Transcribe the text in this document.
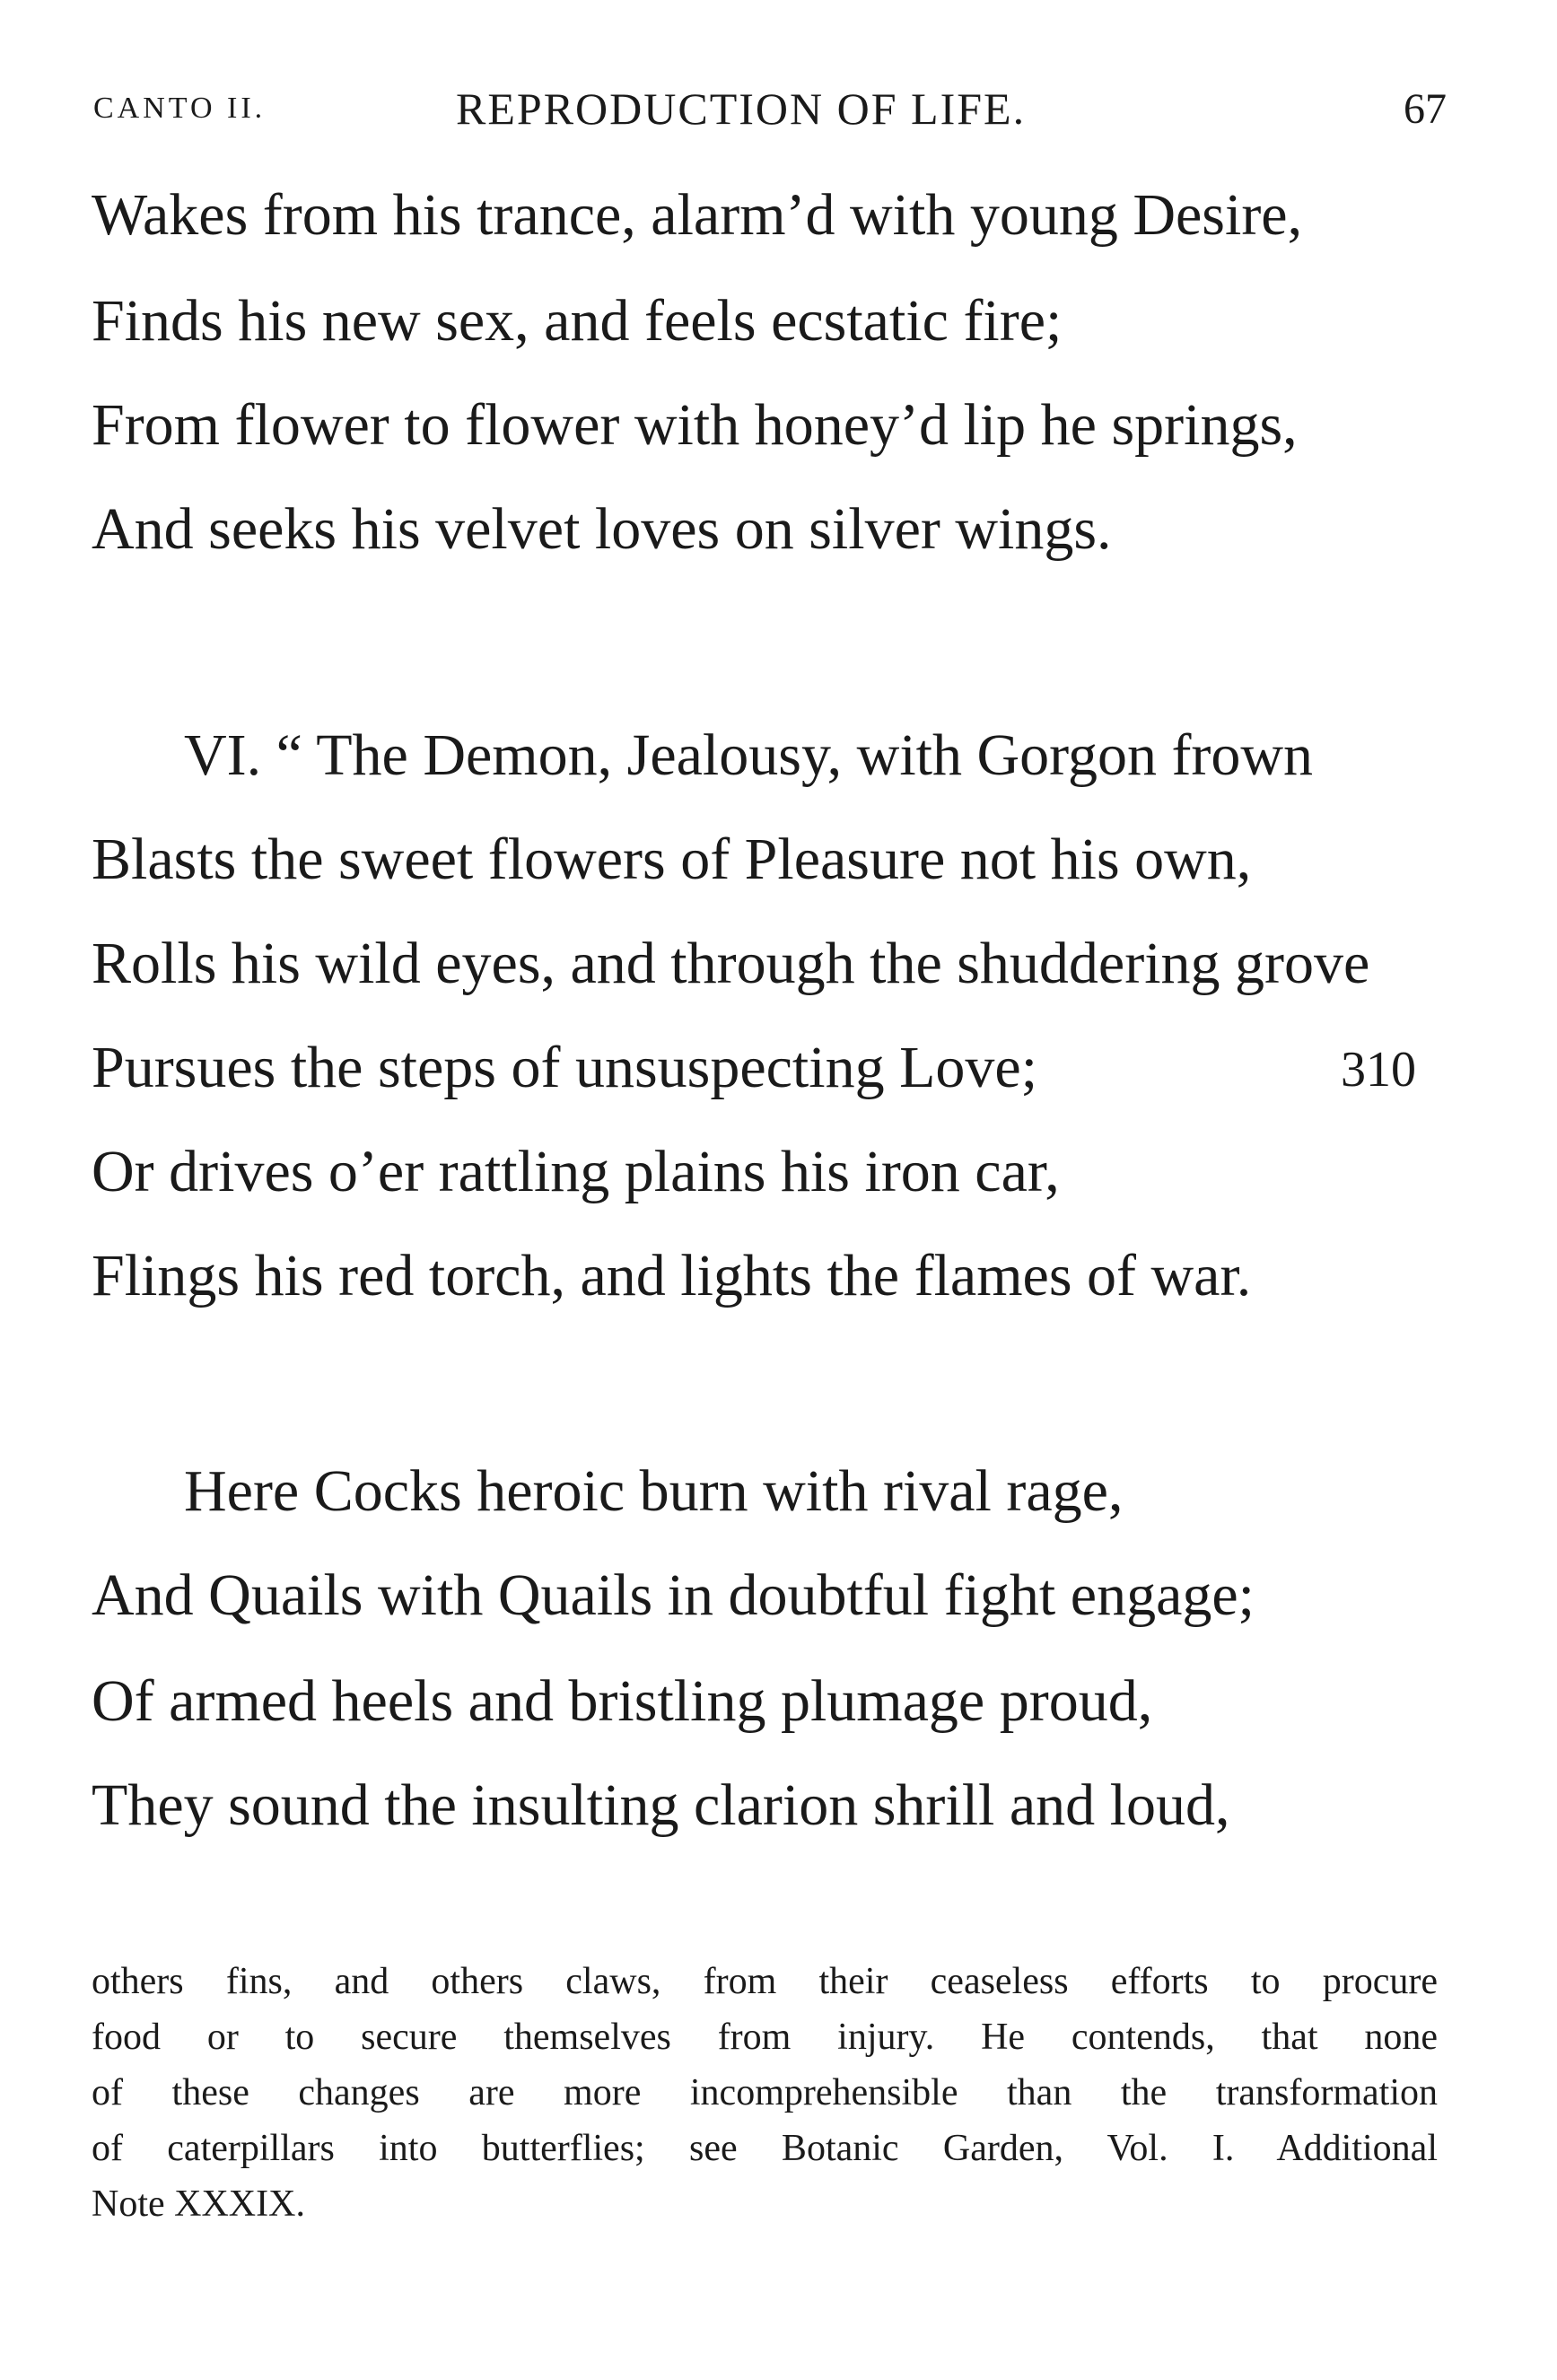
CANTO II.	REPRODUCTION OF LIFE.	67
Wakes from his trance, alarm’d with young Desire,
Finds his new sex, and feels ecstatic fire;
From flower to flower with honey’d lip he springs,
And seeks his velvet loves on silver wings.
VI. “ The Demon, Jealousy, with Gorgon frown
Blasts the sweet flowers of Pleasure not his own,
Rolls his wild eyes, and through the shuddering grove
Pursues the steps of unsuspecting Love;	310
Or drives o’er rattling plains his iron car,
Flings his red torch, and lights the flames of war.
Here Cocks heroic burn with rival rage,
And Quails with Quails in doubtful fight engage;
Of armed heels and bristling plumage proud,
They sound the insulting clarion shrill and loud,
others fins, and others claws, from their ceaseless efforts to procure
food or to secure themselves from injury. He contends, that none
of these changes are more incomprehensible than the transformation
of caterpillars into butterflies; see Botanic Garden, Vol. I. Additional
Note XXXIX.
